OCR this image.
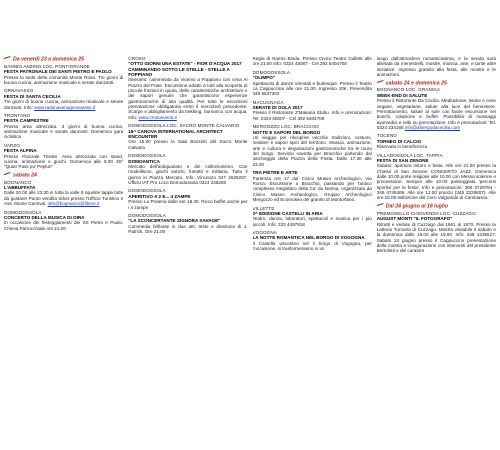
Da venerdì 23 a domenica 25
BANNIO ANZINO LOC. PONTIGRANDE
FESTA PATRONALE DEI SANTI PIETRO E PAOLO
Presso la sede della comunità Monte Rosa. Tre giorni di buona cucina, animazione musicale e serate danzanti.
ORNAVASSO
FESTA DI SANTA CECILIA
Tre giorni di buona cucina, animazione musicale e serate danzanti. Info: www.radunavenagenavasso.it
TRONTANO
FESTA CAMPESTRE
Presso area attrezzata. 3 giorni di buona cucina, animazione musicale e serate danzanti. Domenica gara ciclistica
VARZO
FESTA ALPINA
Presso Piazzale Trieste. Area attrezzata con stand, cucina, animazione e giochi. Domenica alle 9.00 36^ "Quatr Pass pu' Peplun"
sabato 24
BOGNANCO
L'ABBUFFATA
Dalle 20.00 alle 23.30 in tutta la valle 9 squisite tappe tutte da gustare! Punto vendita ticket presso l'Ufficio Turistico e Ass. Monte Carnival. info@bognanco@libero.it
DOMODOSSOLA
CONCERTO DELLA MUSICA DI OIRA
In occasione dei festeggiamenti dei SS Pietro e Paolo. Chiesa Parrocchiale ore 21.00
CROSO
"OTTO GIORNI UNA ESTATE" - FIOR D'ACQUA 2017 CAMMINANDO SOTTO LE STELLE - STELLE A FOPPIANO
Itinerario: camminata da Vicemo a Foppiano con cena Al Piazzo del Frate. Escursione adatto a tutti alla scoperta di piccole frazioni in quota, delle caratteristiche architetture e dei sapori genuini che garantiscono esperienze gastronomiche di alta qualità. Per tutte le escursioni prenotazione obbligatoria entro il mercoledì precedente. Scarpe e abbigliamento da trekking, bornanco con acqua. Info: www.crodoeventi.it
DOMODOSSOLA LOC. SACRO MONTE CALVARIO
16^ CANOVA INTERNATIONAL ARCHITECT ENCOUNTER
Ore 15.00 presso la Sala Bozzetti del Sacro Monte Calvario
DOMODOSSOLA
DOMOANTICA
Mercato dell'antiquariato e del collezionismo. Con modellismo, giochi antichi, fumetti e militaria. Tutto il giorno in Piazza Mercato. Info: Vincenzo 347 2625287. Ufficio IAT Pro Loco Domodossola 0324 248265
DOMODOSSOLA
APERITIVO A 2 E... 4 ZAMPE
Presso La Prateria dalle ore 18.30. Ricco buffet anche per i 4 zampe
DOMODOSSOLA
"LA SCONCERTANTE SIGNORA SAVAGE"
Commedia brillante in due atti, testo e direzione di J. Patrick. Ore 21.00
Regia di Noemi Binda. Presso Civico Teatro Galletti alle ore 21.00 Info: 0324 45087 - Cel 392 5404708
DOMODOSSOLA
"OLIMPO"
Spettacolo di danze orientali e burlesque. Presso il Teatro La Cappuccina alle ore 21.00. Ingresso 10€. Prevendita 348 5637302
MACUGNAGA
SERATE DI GOLA 2017
Presso il Ristorante Z'Makanà Stubu. Info e prenotazioni: Tel. 0324 65007 - Cel 392 5404708
MERGOZZO LOC. BRACCHIO
NOTTE E SAPORI DEL BORGO
Un viaggio per riscoprire vecchie tradizioni, costumi, mestieri e sapori tipici del territorio. Musica, animazione, arte e cultura e degustazioni gastronomiche tra le mura del borgo. Servizio navetta per Bracchio partendo dal parcheggio della Piazza della Posta. Dalle 17.30 alle 23.30
TRA PIETRE E ARTE
Partenza ore 17 dal Civico Museo Archeologico, Via Roma. Escursione a Bracchio, passando per l'antico complesso megalitico della Ca' da Norma, organizzata da Civico Museo Archeologico, Gruppo Archeologico Mergozzo ed Ecomuseo del granito di Montorfano.
VILLETTE
2^ EDIZIONE CASTELLI IN ARIA
Teatro, danza, laboratori, spettacoli e musica per i più piccoli. Info: 333 4497818
VOGOGNA
LA NOTTE ROMANTICA NEL BORGO DI VOGOGNA
Il Castello visconteo nel il borgo di Vogogna, per l'occasione, si trasformeranno in un
luogo dall'atmosfera romanticissima, e la serata sarà allietata da menestrelli, mostre, musica, arte, e tante altre iniziative. Ingresso gratuito alla festa, alle mostre e le animazioni.
sabato 24 e domenica 25
BOGNANCO LOC. GRANIGA
WEEK-END DI SALUTE
Presso il Ristorante Da Cecilia. Meditazione, tisane e cene vegane, vegetariane, salute alla luce del benessere. Pernottamento, salute al sole con facile escursione nei boschi, colazione e buffet. Possibilità di massaggi ayurvedici e reiki su prenotazione. Info e prenotazioni: Tel. 0324 234166 info@albergodacecilia.com
TOCENO
TORNEO DI CALCIO
Riservato in beneficenza
VILLADOSSOLA LOC. TAPPIA
FESTA DI SAN ZENONE
Sabato: apertura ristoro e festa. Alle ore 21.00 presso la Chiesa di San Zenone CONCERTO JAZZ. Domenica dalle 10.00 porte religiose alle 10.00 con Messa solenne e processione. Sempre alle 10.00 passeggiata 'percorsi sportivi per la festa'. Info e prenotazioni: 366 3729784 - 346 4745469. Alle ore 12.00 pranzo (348 3228807). Alle ore 16.00 esibizione del Coro Valgrande di Cambiasca
Dal 24 giugno al 16 luglio
PREMOSELLO CHIOVENDA LOC. CUZZAGO
AUGUST MONTI "IL FOTOGRAFO"
Ritratti e vedute di Cuzzago dal 1961 al 1970. Presso la Latteria Turnaria di Cuzzago. Mostra visitabile il sabato e la domenica dalle 16.00 alle 19.00. Info: 349 1235527. Sabato 24 giugno presso il Cappuccino presentazione della mostra e inaugurazione con interventi del presidente Bertolotti e del curatore
